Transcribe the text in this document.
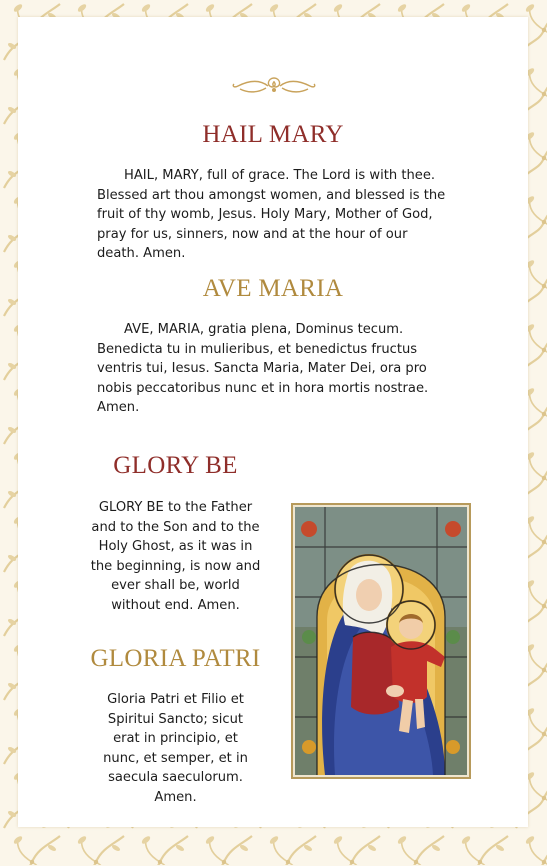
HAIL MARY

HAIL, MARY, full of grace. The Lord is with thee. Blessed art thou amongst women, and blessed is the fruit of thy womb, Jesus. Holy Mary, Mother of God, pray for us, sinners, now and at the hour of our death. Amen.

AVE MARIA

AVE, MARIA, gratia plena, Dominus tecum. Benedicta tu in mulieribus, et benedictus fructus ventris tui, Iesus. Sancta Maria, Mater Dei, ora pro nobis peccatoribus nunc et in hora mortis nostrae. Amen.

GLORY BE

GLORY BE to the Father and to the Son and to the Holy Ghost, as it was in the beginning, is now and ever shall be, world without end. Amen.

GLORIA PATRI

Gloria Patri et Filio et Spiritui Sancto; sicut erat in principio, et nunc, et semper, et in saecula saeculorum. Amen.
